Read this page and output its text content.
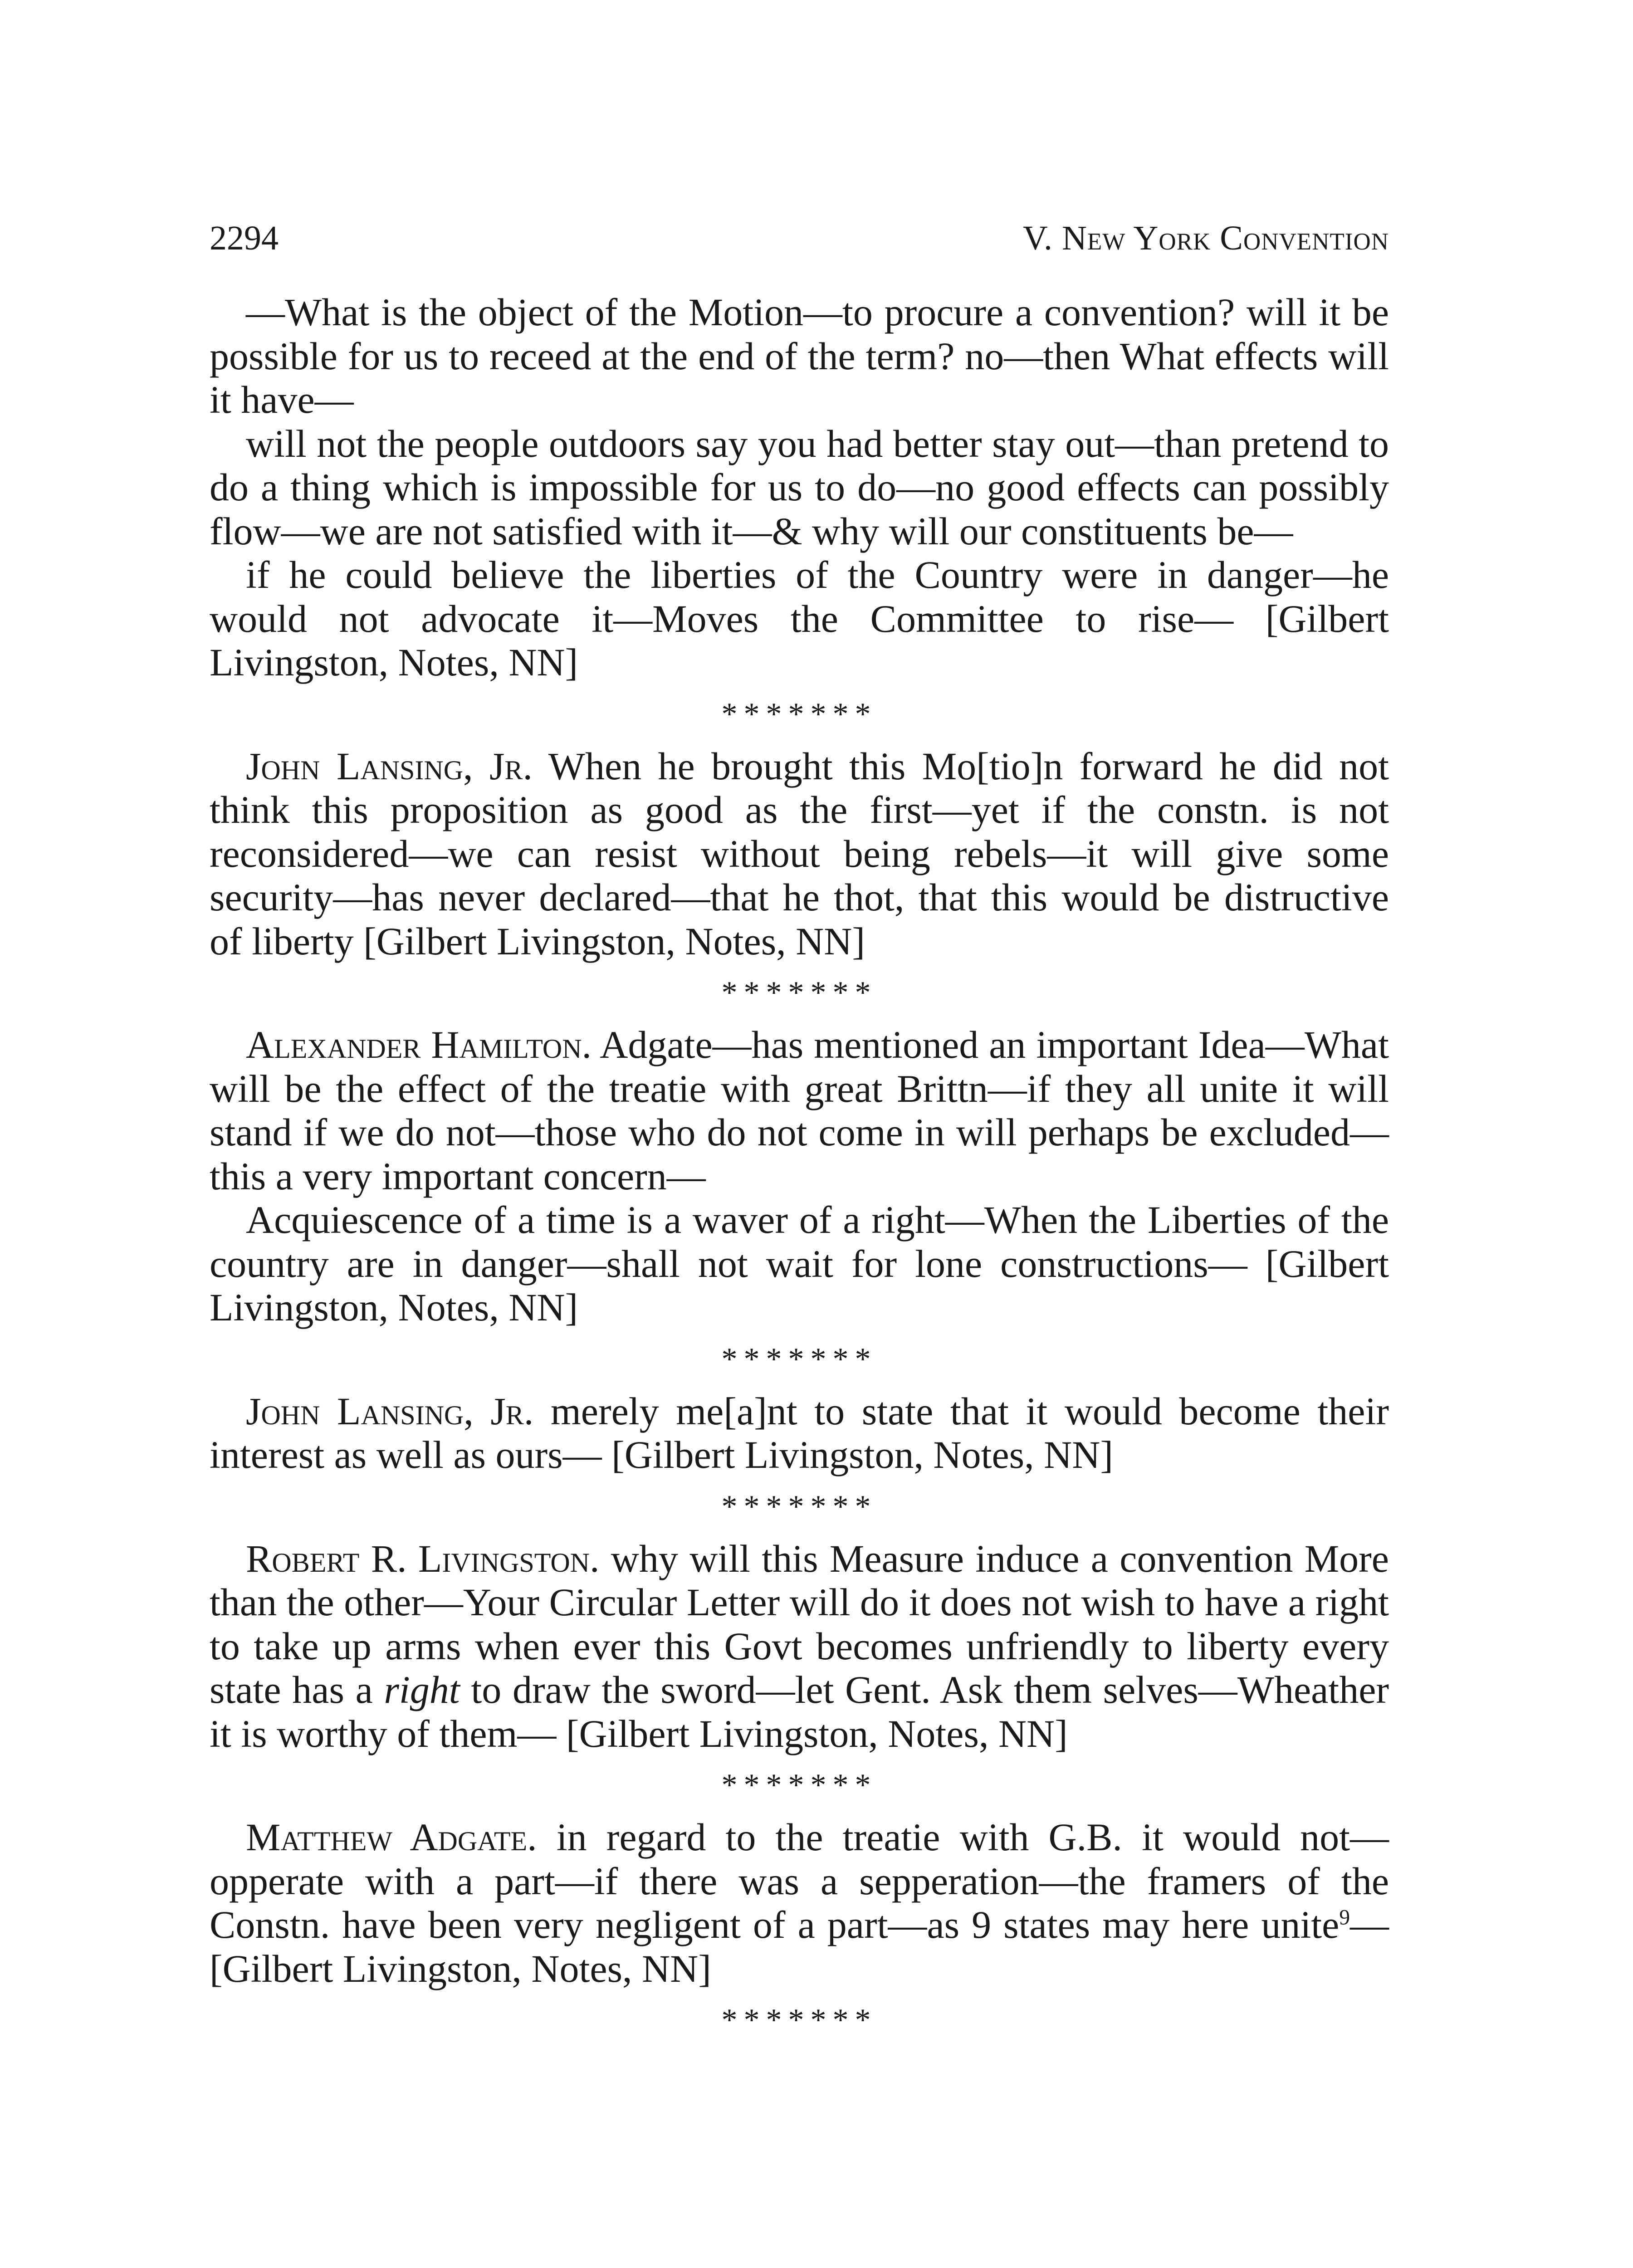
2294	V. New York Convention

—What is the object of the Motion—to procure a convention? will it be possible for us to receed at the end of the term? no—then What effects will it have—

will not the people outdoors say you had better stay out—than pretend to do a thing which is impossible for us to do—no good effects can possibly flow—we are not satisfied with it—& why will our constituents be—

if he could believe the liberties of the Country were in danger—he would not advocate it—Moves the Committee to rise— [Gilbert Livingston, Notes, NN]

*******

John Lansing, Jr. When he brought this Mo[tio]n forward he did not think this proposition as good as the first—yet if the constn. is not reconsidered—we can resist without being rebels—it will give some security—has never declared—that he thot, that this would be distructive of liberty [Gilbert Livingston, Notes, NN]

*******

Alexander Hamilton. Adgate—has mentioned an important Idea—What will be the effect of the treatie with great Brittn—if they all unite it will stand if we do not—those who do not come in will perhaps be excluded—this a very important concern—

Acquiescence of a time is a waver of a right—When the Liberties of the country are in danger—shall not wait for lone constructions— [Gilbert Livingston, Notes, NN]

*******

John Lansing, Jr. merely me[a]nt to state that it would become their interest as well as ours— [Gilbert Livingston, Notes, NN]

*******

Robert R. Livingston. why will this Measure induce a convention More than the other—Your Circular Letter will do it does not wish to have a right to take up arms when ever this Govt becomes unfriendly to liberty every state has a right to draw the sword—let Gent. Ask them selves—Wheather it is worthy of them— [Gilbert Livingston, Notes, NN]

*******

Matthew Adgate. in regard to the treatie with G.B. it would not—opperate with a part—if there was a sepperation—the framers of the Constn. have been very negligent of a part—as 9 states may here unite$^9$— [Gilbert Livingston, Notes, NN]

*******
